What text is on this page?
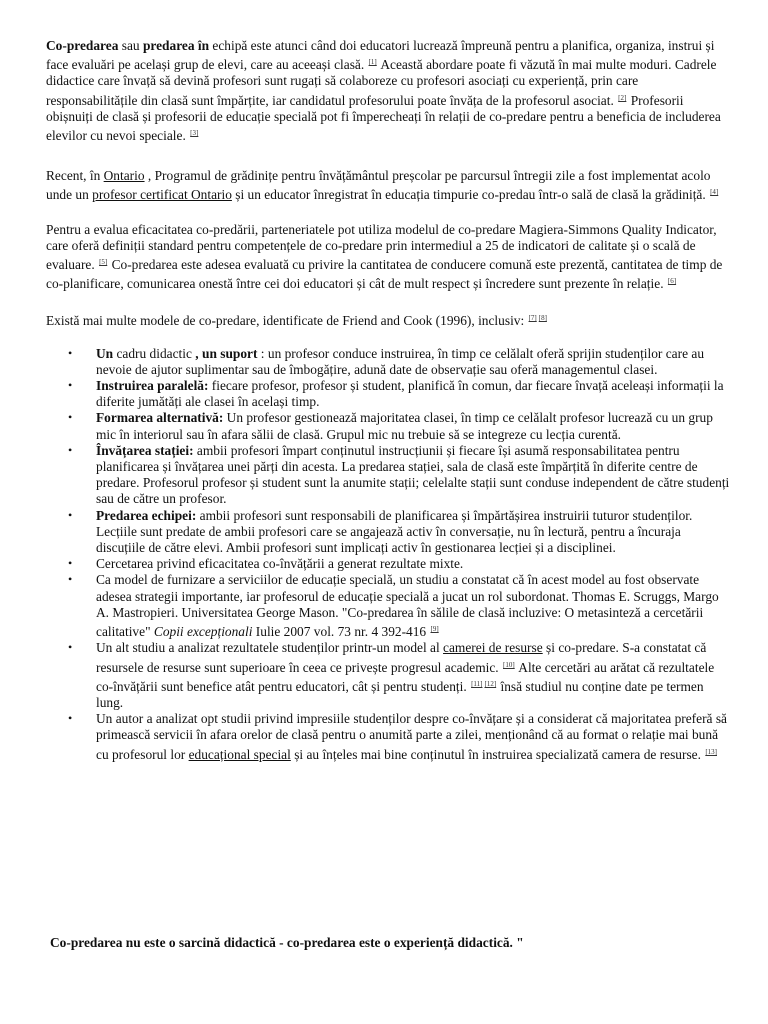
Co-predarea sau predarea în echipă este atunci când doi educatori lucrează împreună pentru a planifica, organiza, instrui și face evaluări pe același grup de elevi, care au aceeași clasă. [1] Această abordare poate fi văzută în mai multe moduri. Cadrele didactice care învață să devină profesori sunt rugați să colaboreze cu profesori asociați cu experiență, prin care responsabilitățile din clasă sunt împărțite, iar candidatul profesorului poate învăța de la profesorul asociat. [2] Profesorii obișnuiți de clasă și profesorii de educație specială pot fi împerecheați în relații de co-predare pentru a beneficia de includerea elevilor cu nevoi speciale. [3]

Recent, în Ontario , Programul de grădinițe pentru învățământul preșcolar pe parcursul întregii zile a fost implementat acolo unde un profesor certificat Ontario și un educator înregistrat în educația timpurie co-predau într-o sală de clasă la grădiniță. [4]

Pentru a evalua eficacitatea co-predării, parteneriatele pot utiliza modelul de co-predare Magiera-Simmons Quality Indicator, care oferă definiții standard pentru competențele de co-predare prin intermediul a 25 de indicatori de calitate și o scală de evaluare. [5] Co-predarea este adesea evaluată cu privire la cantitatea de conducere comună este prezentă, cantitatea de timp de co-planificare, comunicarea onestă între cei doi educatori și cât de mult respect și încredere sunt prezente în relație. [6]

Există mai multe modele de co-predare, identificate de Friend and Cook (1996), inclusiv: [7] [8]

• Un cadru didactic , un suport : un profesor conduce instruirea, în timp ce celălalt oferă sprijin studenților care au nevoie de ajutor suplimentar sau de îmbogățire, adună date de observație sau oferă managementul clasei.
• Instruirea paralelă: fiecare profesor, profesor și student, planifică în comun, dar fiecare învață aceleași informații la diferite jumătăți ale clasei în același timp.
• Formarea alternativă: Un profesor gestionează majoritatea clasei, în timp ce celălalt profesor lucrează cu un grup mic în interiorul sau în afara sălii de clasă. Grupul mic nu trebuie să se integreze cu lecția curentă.
• Învățarea stației: ambii profesori împart conținutul instrucțiunii și fiecare își asumă responsabilitatea pentru planificarea și învățarea unei părți din acesta. La predarea stației, sala de clasă este împărțită în diferite centre de predare. Profesorul profesor și student sunt la anumite stații; celelalte stații sunt conduse independent de către studenți sau de către un profesor.
• Predarea echipei: ambii profesori sunt responsabili de planificarea și împărtășirea instruirii tuturor studenților. Lecțiile sunt predate de ambii profesori care se angajează activ în conversație, nu în lectură, pentru a încuraja discuțiile de către elevi. Ambii profesori sunt implicați activ în gestionarea lecției și a disciplinei.
• Cercetarea privind eficacitatea co-învățării a generat rezultate mixte.
• Ca model de furnizare a serviciilor de educație specială, un studiu a constatat că în acest model au fost observate adesea strategii importante, iar profesorul de educație specială a jucat un rol subordonat. Thomas E. Scruggs, Margo A. Mastropieri. Universitatea George Mason. "Co-predarea în sălile de clasă incluzive: O metasinteză a cercetării calitative" Copii excepționali Iulie 2007 vol. 73 nr. 4 392-416 [9]
• Un alt studiu a analizat rezultatele studenților printr-un model al camerei de resurse și co-predare. S-a constatat că resursele de resurse sunt superioare în ceea ce privește progresul academic. [10] Alte cercetări au arătat că rezultatele co-învățării sunt benefice atât pentru educatori, cât și pentru studenți. [11] [12] însă studiul nu conține date pe termen lung.
• Un autor a analizat opt studii privind impresiile studenților despre co-învățare și a considerat că majoritatea preferă să primească servicii în afara orelor de clasă pentru o anumită parte a zilei, menționând că au format o relație mai bună cu profesorul lor educațional special și au înțeles mai bine conținutul în instruirea specializată camera de resurse. [13]
Co-predarea nu este o sarcină didactică - co-predarea este o experiență didactică. "
